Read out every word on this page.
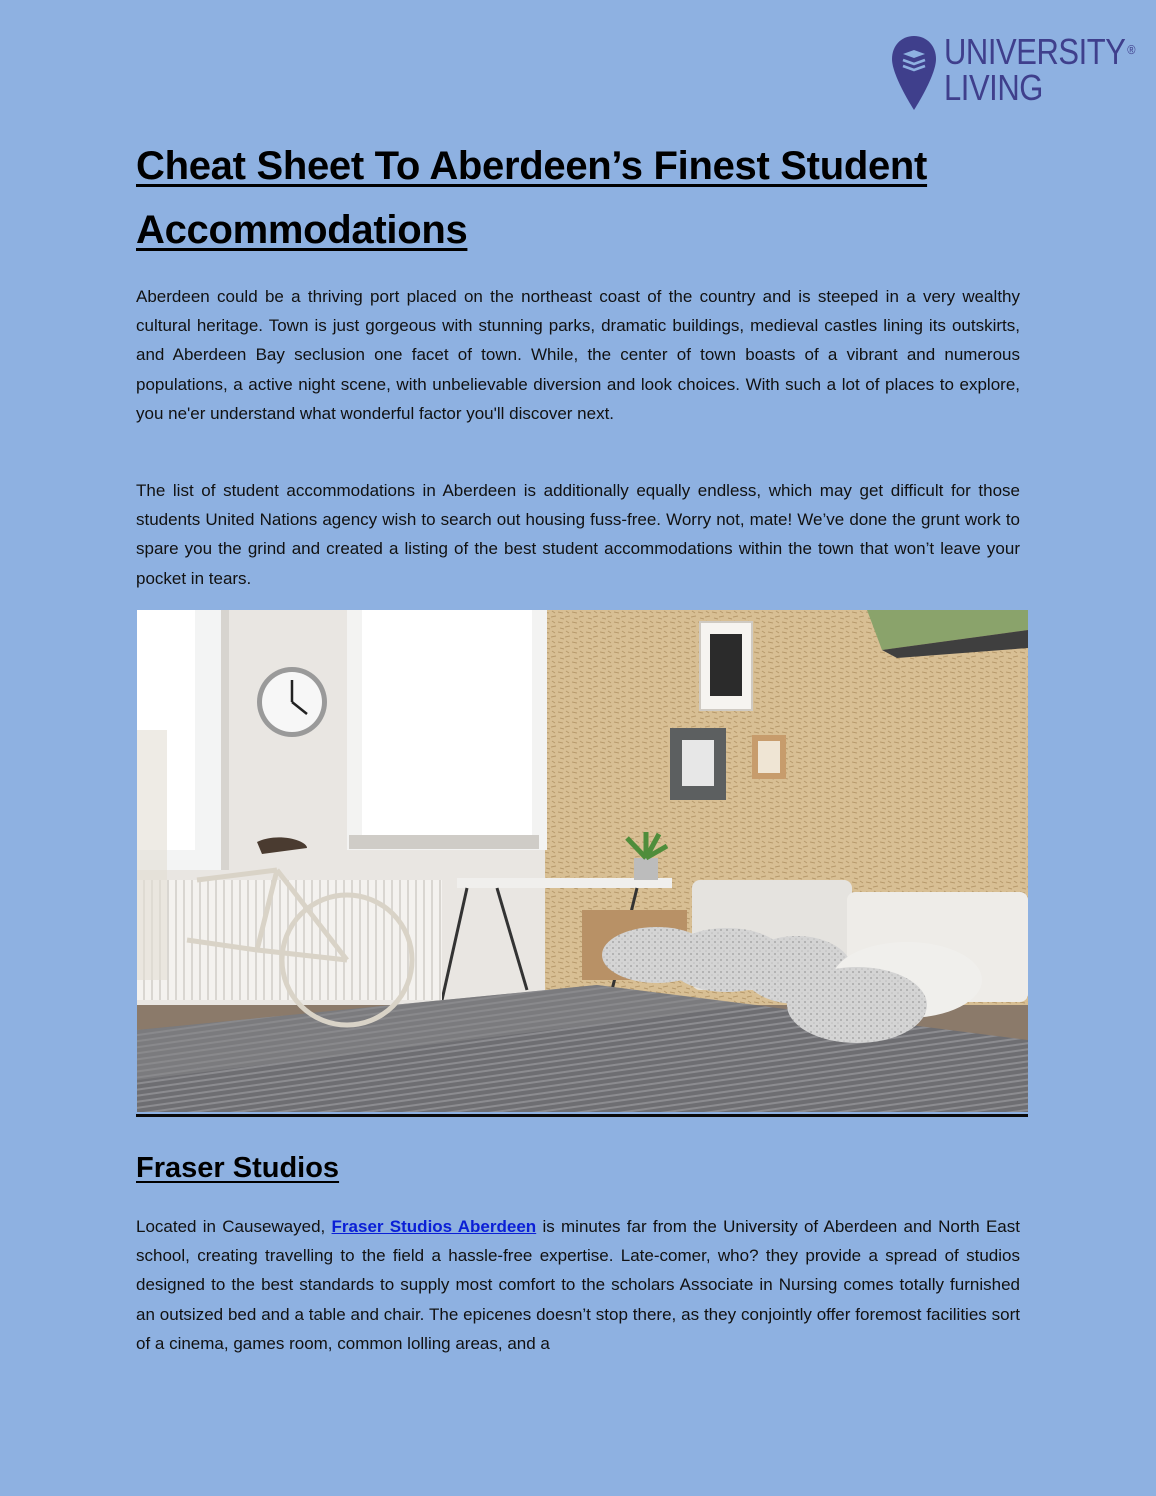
UNIVERSITY ®
LIVING
Cheat Sheet To Aberdeen’s Finest Student Accommodations

Aberdeen could be a thriving port placed on the northeast coast of the country and is steeped in a very wealthy cultural heritage. Town is just gorgeous with stunning parks, dramatic buildings, medieval castles lining its outskirts, and Aberdeen Bay seclusion one facet of town. While, the center of town boasts of a vibrant and numerous populations, a active night scene, with unbelievable diversion and look choices. With such a lot of places to explore, you ne'er understand what wonderful factor you'll discover next.

The list of student accommodations in Aberdeen is additionally equally endless, which may get difficult for those students United Nations agency wish to search out housing fuss-free. Worry not, mate! We’ve done the grunt work to spare you the grind and created a listing of the best student accommodations within the town that won’t leave your pocket in tears.

Fraser Studios

Located in Causewayed, Fraser Studios Aberdeen is minutes far from the University of Aberdeen and North East school, creating travelling to the field a hassle-free expertise. Late-comer, who? they provide a spread of studios designed to the best standards to supply most comfort to the scholars Associate in Nursing comes totally furnished an outsized bed and a table and chair. The epicenes doesn’t stop there, as they conjointly offer foremost facilities sort of a cinema, games room, common lolling areas, and a
